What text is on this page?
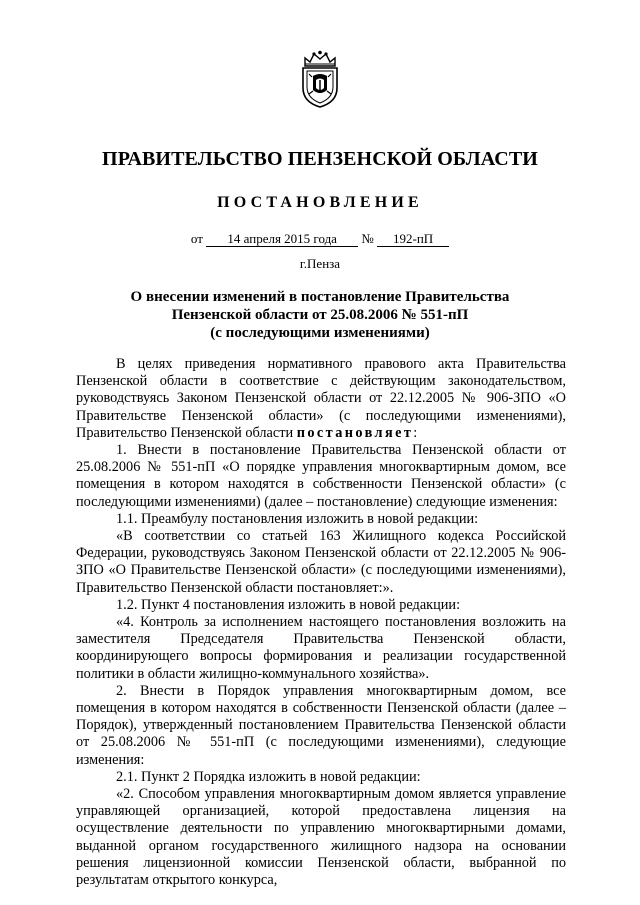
ПРАВИТЕЛЬСТВО ПЕНЗЕНСКОЙ ОБЛАСТИ
ПОСТАНОВЛЕНИЕ
от 14 апреля 2015 года № 192-пП
г.Пенза
О внесении изменений в постановление Правительства
Пензенской области от 25.08.2006 № 551-пП
(с последующими изменениями)

В целях приведения нормативного правового акта Правительства Пензенской области в соответствие с действующим законодательством, руководствуясь Законом Пензенской области от 22.12.2005 № 906-ЗПО «О Правительстве Пензенской области» (с последующими изменениями), Правительство Пензенской области постановляет:

1. Внести в постановление Правительства Пензенской области от 25.08.2006 № 551-пП «О порядке управления многоквартирным домом, все помещения в котором находятся в собственности Пензенской области» (с последующими изменениями) (далее – постановление) следующие изменения:

1.1. Преамбулу постановления изложить в новой редакции:

«В соответствии со статьей 163 Жилищного кодекса Российской Федерации, руководствуясь Законом Пензенской области от 22.12.2005 № 906-ЗПО «О Правительстве Пензенской области» (с последующими изменениями), Правительство Пензенской области постановляет:».

1.2. Пункт 4 постановления изложить в новой редакции:

«4. Контроль за исполнением настоящего постановления возложить на заместителя Председателя Правительства Пензенской области, координирующего вопросы формирования и реализации государственной политики в области жилищно-коммунального хозяйства».

2. Внести в Порядок управления многоквартирным домом, все помещения в котором находятся в собственности Пензенской области (далее – Порядок), утвержденный постановлением Правительства Пензенской области от 25.08.2006 № 551-пП (с последующими изменениями), следующие изменения:

2.1. Пункт 2 Порядка изложить в новой редакции:

«2. Способом управления многоквартирным домом является управление управляющей организацией, которой предоставлена лицензия на осуществление деятельности по управлению многоквартирными домами, выданной органом государственного жилищного надзора на основании решения лицензионной комиссии Пензенской области, выбранной по результатам открытого конкурса,
